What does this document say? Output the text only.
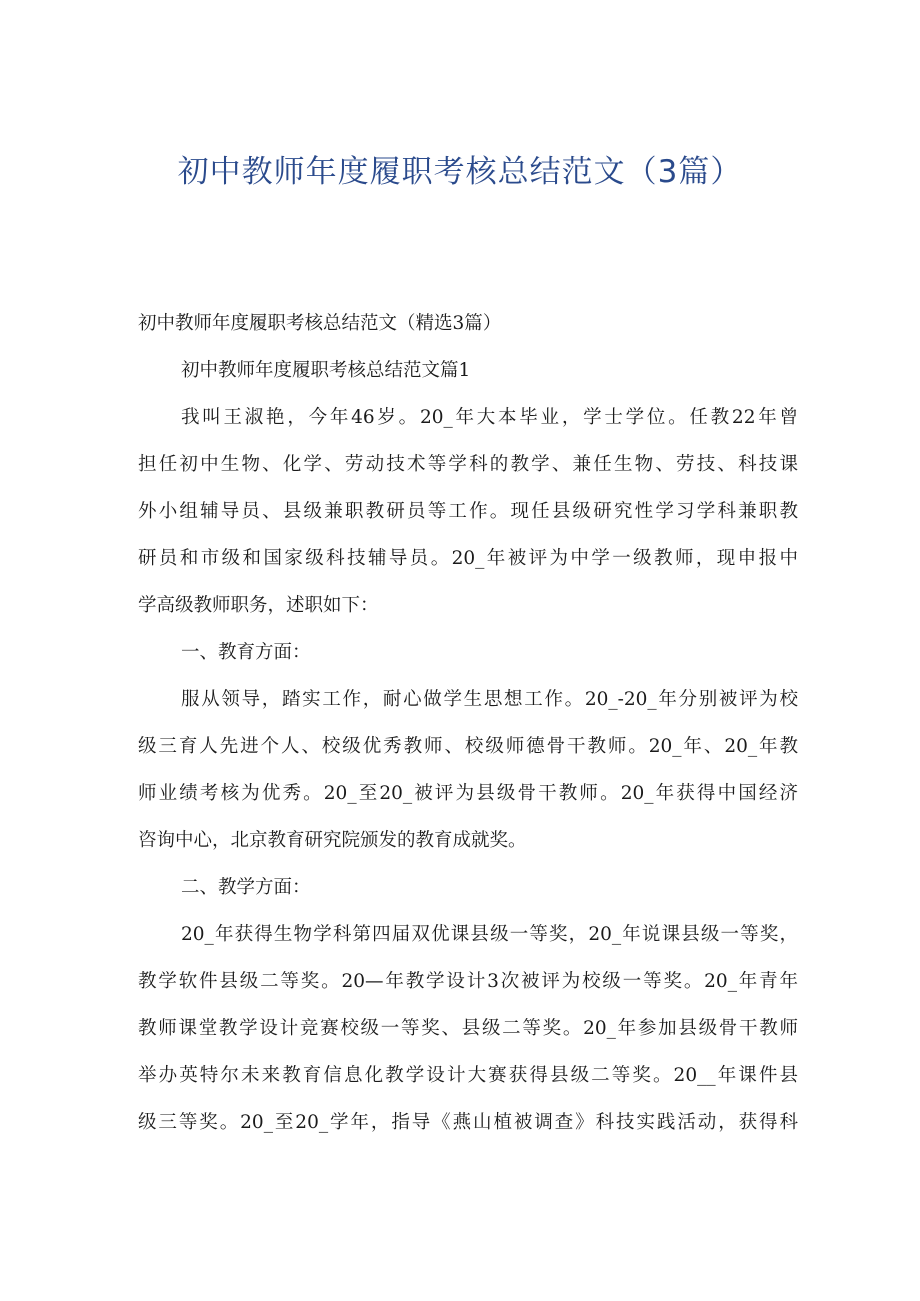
初中教师年度履职考核总结范文（3篇）
初中教师年度履职考核总结范文（精选3篇）
初中教师年度履职考核总结范文篇1
我叫王淑艳，今年46岁。20_年大本毕业，学士学位。任教22年曾
担任初中生物、化学、劳动技术等学科的教学、兼任生物、劳技、科技课
外小组辅导员、县级兼职教研员等工作。现任县级研究性学习学科兼职教
研员和市级和国家级科技辅导员。20_年被评为中学一级教师，现申报中
学高级教师职务，述职如下：
一、教育方面：
服从领导，踏实工作，耐心做学生思想工作。20_-20_年分别被评为校
级三育人先进个人、校级优秀教师、校级师德骨干教师。20_年、20_年教
师业绩考核为优秀。20_至20_被评为县级骨干教师。20_年获得中国经济
咨询中心，北京教育研究院颁发的教育成就奖。
二、教学方面：
20_年获得生物学科第四届双优课县级一等奖，20_年说课县级一等奖，
教学软件县级二等奖。20—年教学设计3次被评为校级一等奖。20_年青年
教师课堂教学设计竞赛校级一等奖、县级二等奖。20_年参加县级骨干教师
举办英特尔未来教育信息化教学设计大赛获得县级二等奖。20__年课件县
级三等奖。20_至20_学年，指导《燕山植被调查》科技实践活动，获得科
